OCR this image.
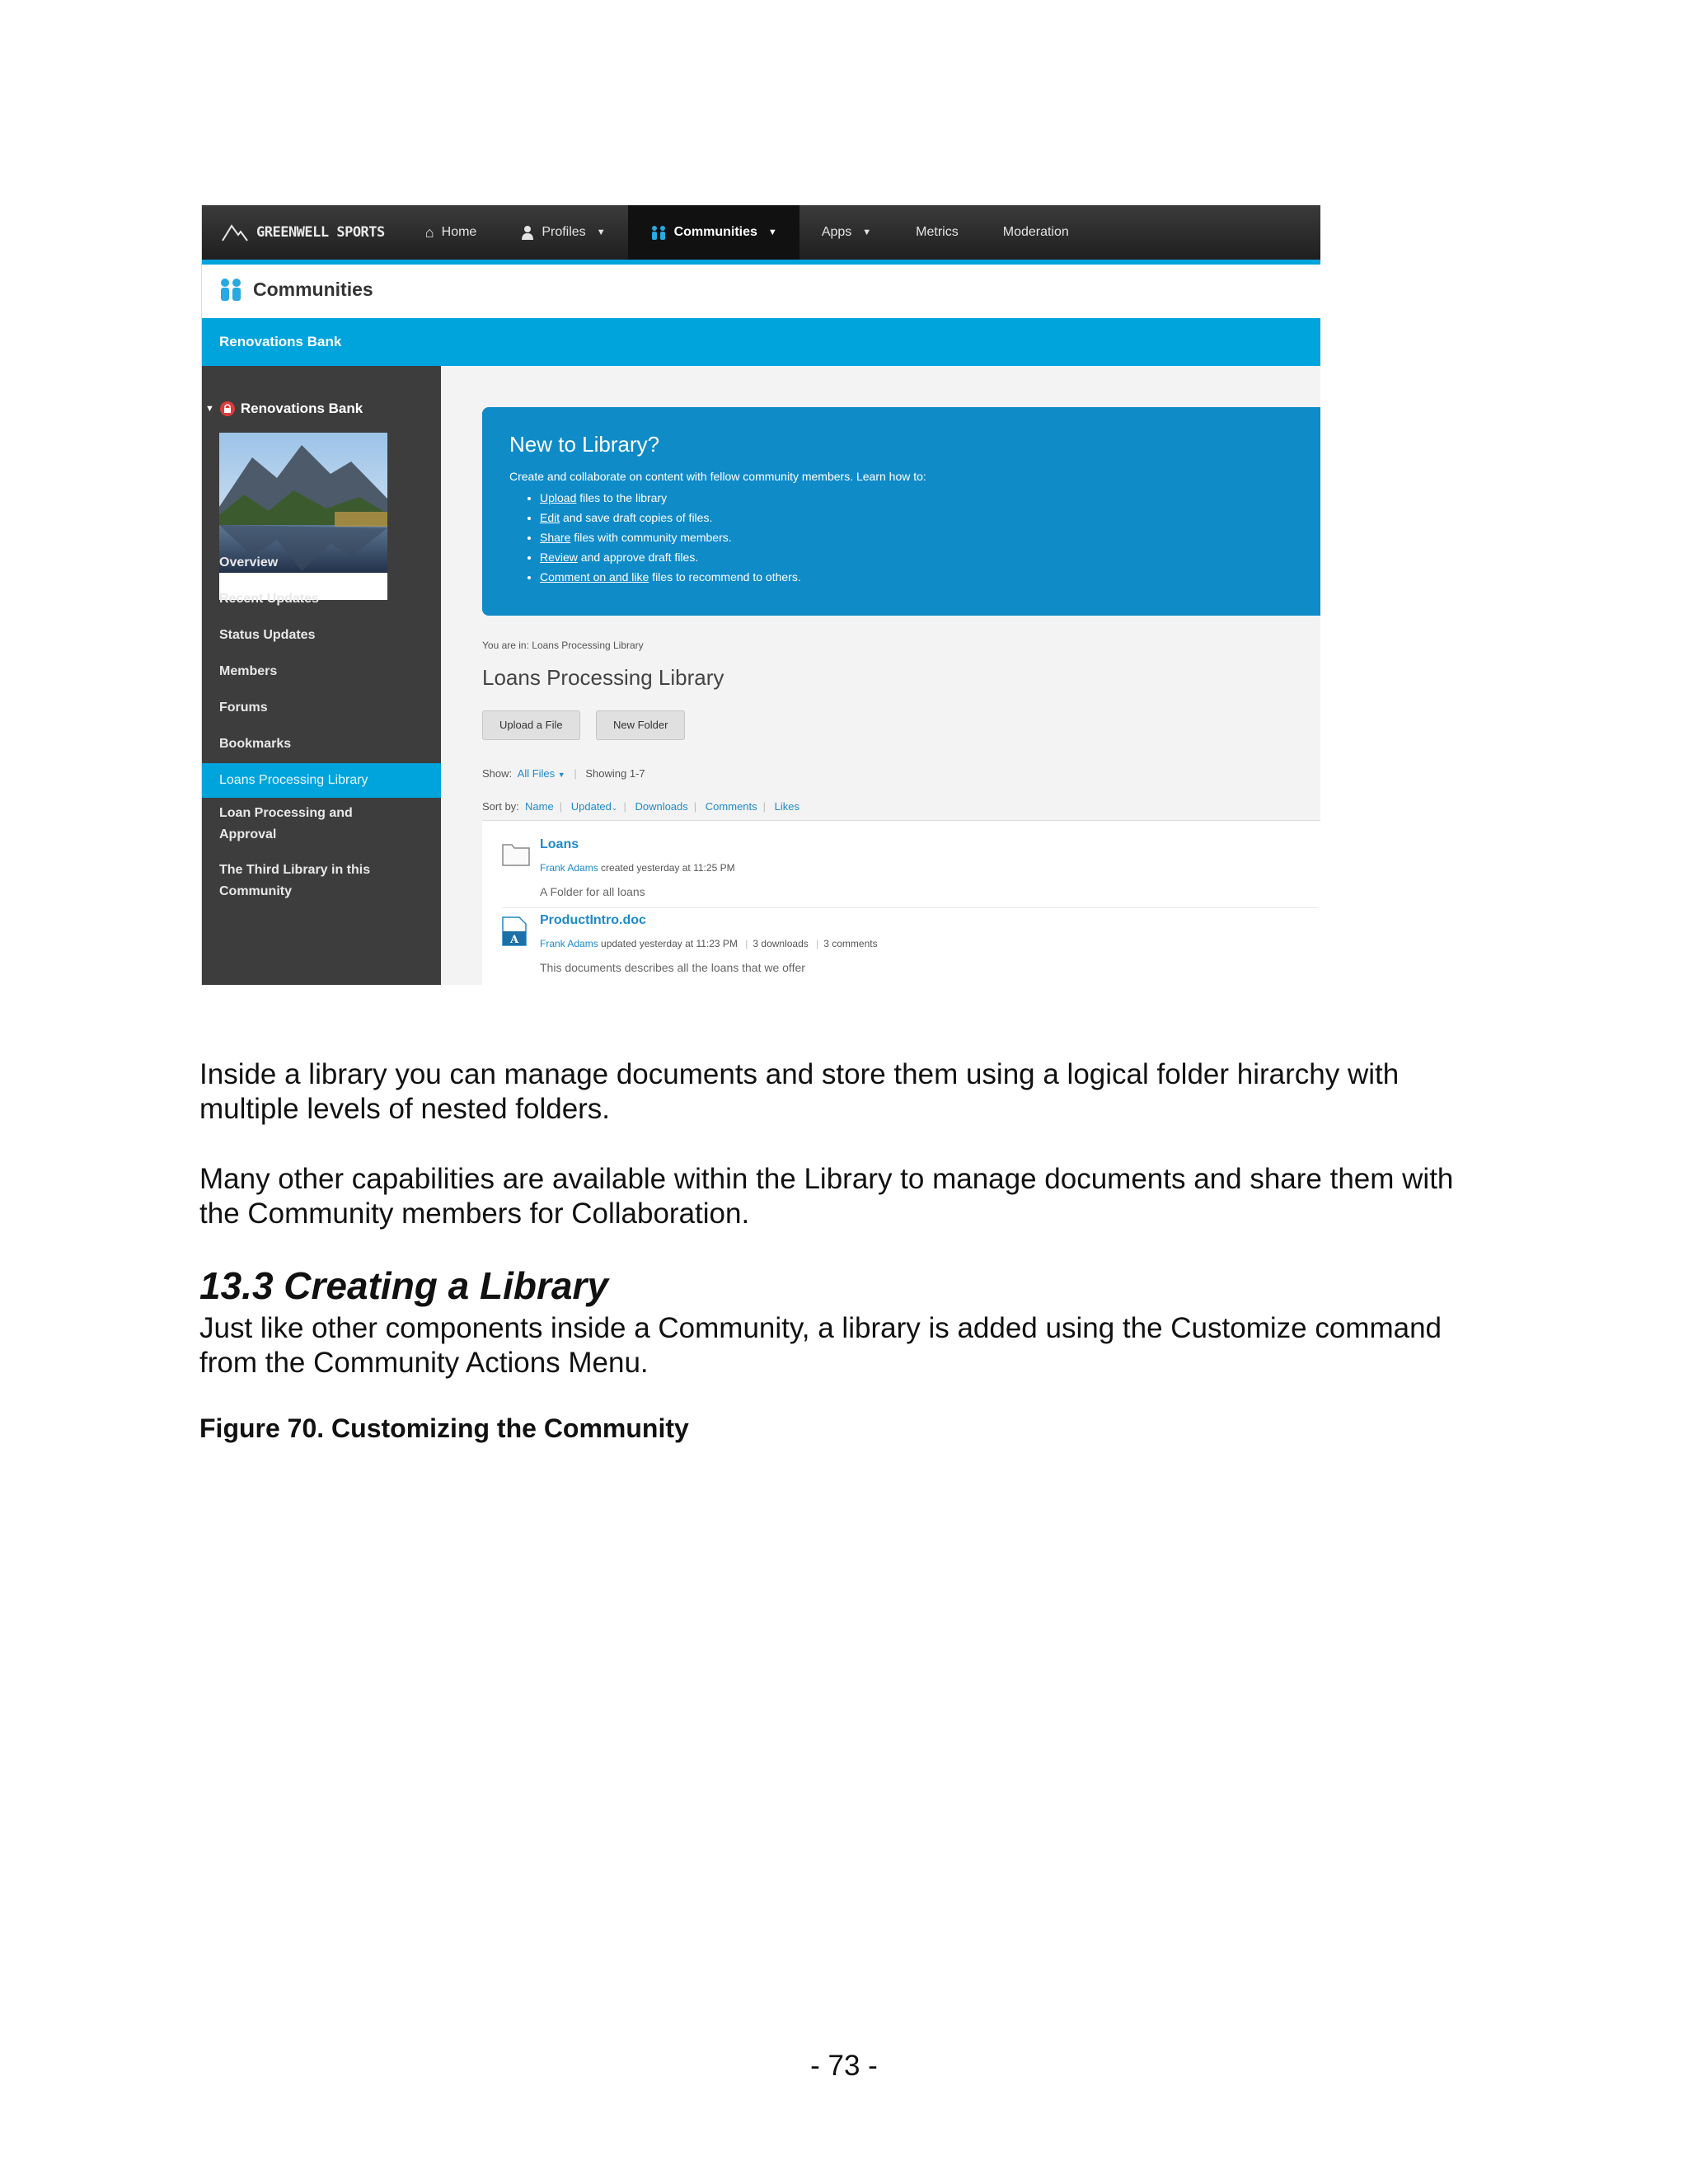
GREENWELL SPORTS	⌂ Home	Profiles ▼	Communities ▼	Apps ▼	Metrics	Moderation
Communities
Renovations Bank
▼ Renovations Bank
Overview
Recent Updates
Status Updates
Members
Forums
Bookmarks
Loans Processing Library
Loan Processing and Approval
The Third Library in this Community
New to Library?
Create and collaborate on content with fellow community members. Learn how to:
• Upload files to the library
• Edit and save draft copies of files.
• Share files with community members.
• Review and approve draft files.
• Comment on and like files to recommend to others.
You are in: Loans Processing Library
Loans Processing Library
Upload a File	New Folder
Show: All Files ▼ | Showing 1-7
Sort by: Name | Updated⌄ | Downloads | Comments | Likes
Loans
Frank Adams created yesterday at 11:25 PM
A Folder for all loans
A
ProductIntro.doc
Frank Adams updated yesterday at 11:23 PM | 3 downloads | 3 comments
This documents describes all the loans that we offer

Inside a library you can manage documents and store them using a logical folder hirarchy with multiple levels of nested folders.

Many other capabilities are available within the Library to manage documents and share them with the Community members for Collaboration.

13.3 Creating a Library

Just like other components inside a Community, a library is added using the Customize command from the Community Actions Menu.

Figure 70. Customizing the Community

- 73 -
